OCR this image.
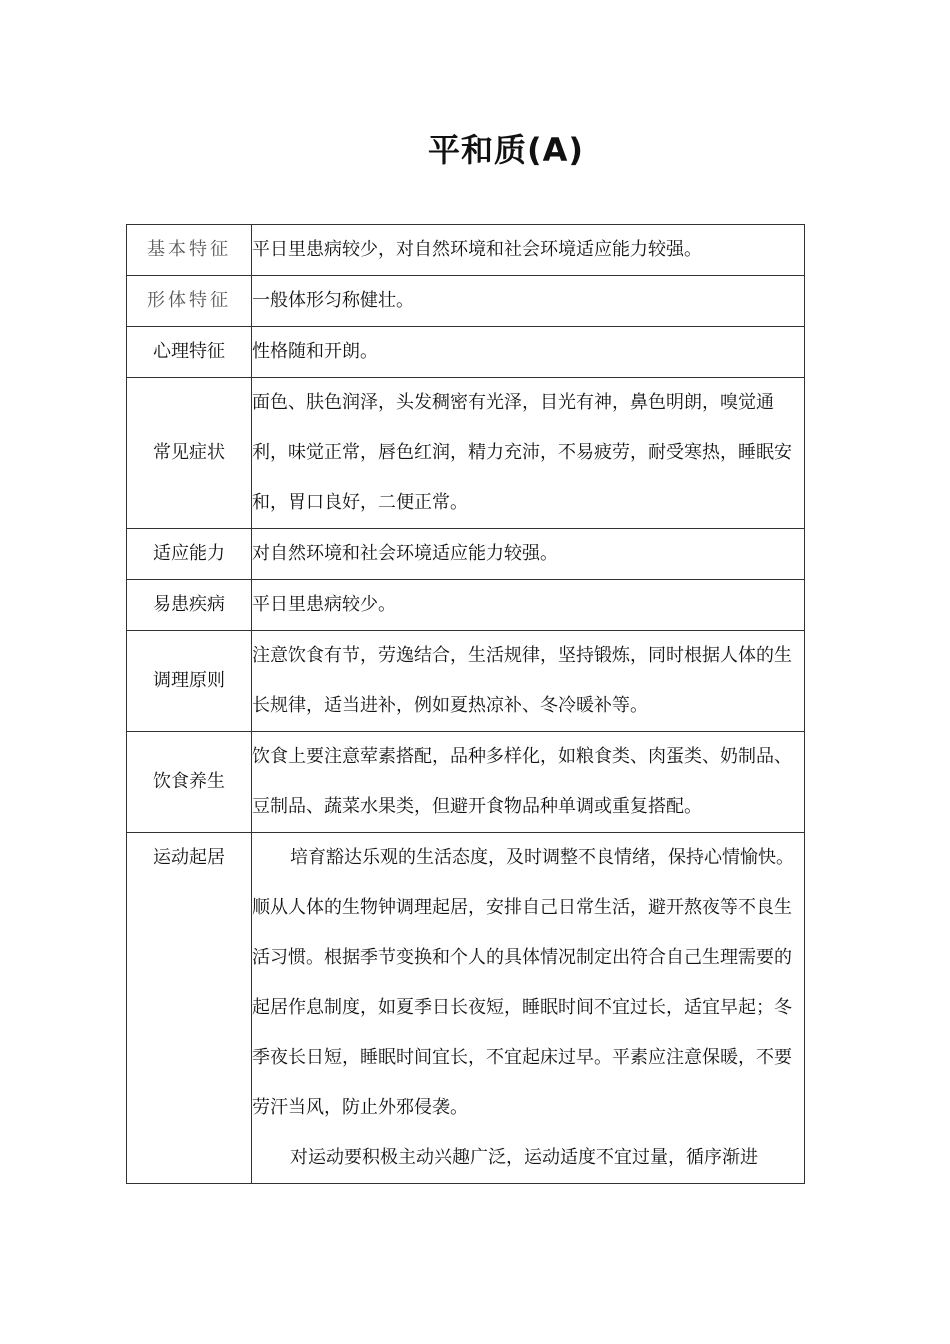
平和质(A)
基本特征	平日里患病较少，对自然环境和社会环境适应能力较强。
形体特征	一般体形匀称健壮。
心理特征	性格随和开朗。
常见症状	面色、肤色润泽，头发稠密有光泽，目光有神，鼻色明朗，嗅觉通利，味觉正常，唇色红润，精力充沛，不易疲劳，耐受寒热，睡眠安和，胃口良好，二便正常。
适应能力	对自然环境和社会环境适应能力较强。
易患疾病	平日里患病较少。
调理原则	注意饮食有节，劳逸结合，生活规律，坚持锻炼，同时根据人体的生长规律，适当进补，例如夏热凉补、冬冷暖补等。
饮食养生	饮食上要注意荤素搭配，品种多样化，如粮食类、肉蛋类、奶制品、豆制品、蔬菜水果类，但避开食物品种单调或重复搭配。
运动起居	培育豁达乐观的生活态度，及时调整不良情绪，保持心情愉快。顺从人体的生物钟调理起居，安排自己日常生活，避开熬夜等不良生活习惯。根据季节变换和个人的具体情况制定出符合自己生理需要的起居作息制度，如夏季日长夜短，睡眠时间不宜过长，适宜早起；冬季夜长日短，睡眠时间宜长，不宜起床过早。平素应注意保暖，不要劳汗当风，防止外邪侵袭。
对运动要积极主动兴趣广泛，运动适度不宜过量，循序渐进
